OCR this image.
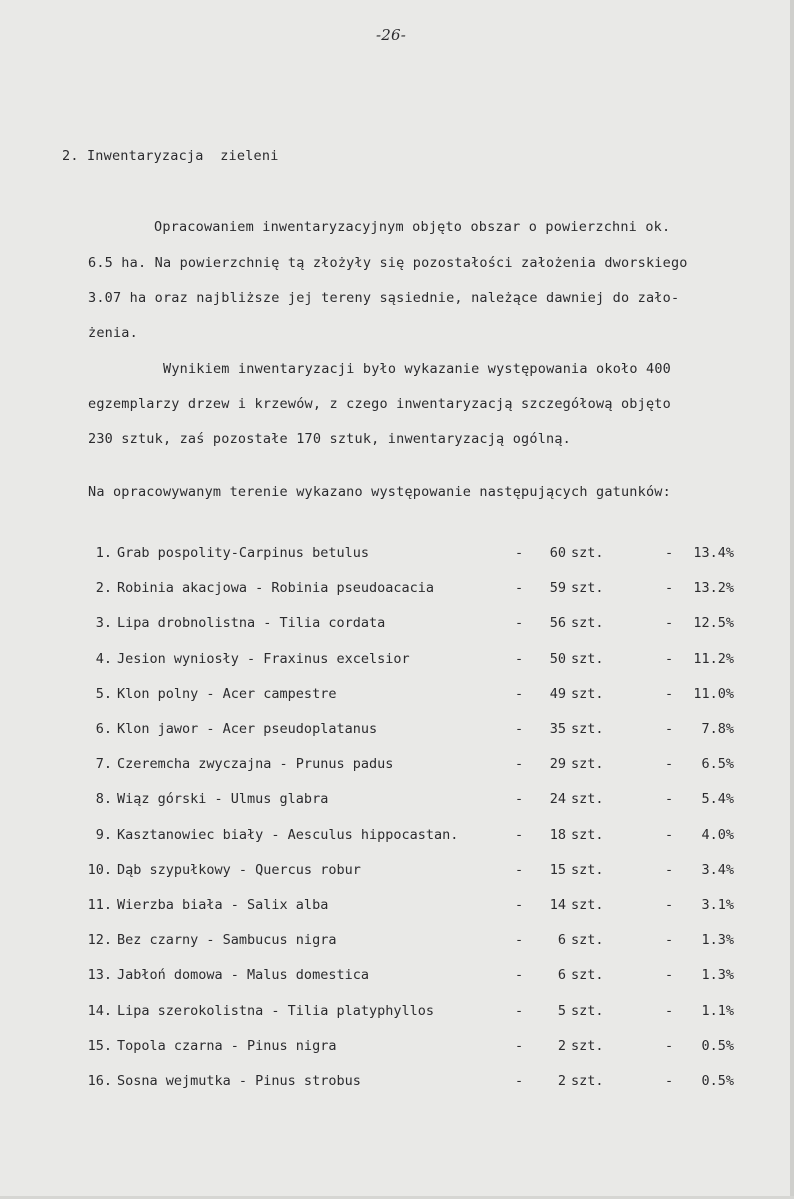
-26-
2. Inwentaryzacja  zieleni
Opracowaniem inwentaryzacyjnym objęto obszar o powierzchni ok.
6.5 ha. Na powierzchnię tą złożyły się pozostałości założenia dworskiego
3.07 ha oraz najbliższe jej tereny sąsiednie, należące dawniej do zało-
żenia.
Wynikiem inwentaryzacji było wykazanie występowania około 400
egzemplarzy drzew i krzewów, z czego inwentaryzacją szczegółową objęto
230 sztuk, zaś pozostałe 170 sztuk, inwentaryzacją ogólną.
Na opracowywanym terenie wykazano występowanie następujących gatunków:
1. Grab pospolity-Carpinus betulus	-	60 szt.	-	13.4%
2. Robinia akacjowa - Robinia pseudoacacia	-	59 szt.	-	13.2%
3. Lipa drobnolistna - Tilia cordata	-	56 szt.	-	12.5%
4. Jesion wyniosły - Fraxinus excelsior	-	50 szt.	-	11.2%
5. Klon polny - Acer campestre	-	49 szt.	-	11.0%
6. Klon jawor - Acer pseudoplatanus	-	35 szt.	-	7.8%
7. Czeremcha zwyczajna - Prunus padus	-	29 szt.	-	6.5%
8. Wiąz górski - Ulmus glabra	-	24 szt.	-	5.4%
9. Kasztanowiec biały - Aesculus hippocastan.	-	18 szt.	-	4.0%
10. Dąb szypułkowy - Quercus robur	-	15 szt.	-	3.4%
11. Wierzba biała - Salix alba	-	14 szt.	-	3.1%
12. Bez czarny - Sambucus nigra	-	6 szt.	-	1.3%
13. Jabłoń domowa - Malus domestica	-	6 szt.	-	1.3%
14. Lipa szerokolistna - Tilia platyphyllos	-	5 szt.	-	1.1%
15. Topola czarna - Pinus nigra	-	2 szt.	-	0.5%
16. Sosna wejmutka - Pinus strobus	-	2 szt.	-	0.5%
